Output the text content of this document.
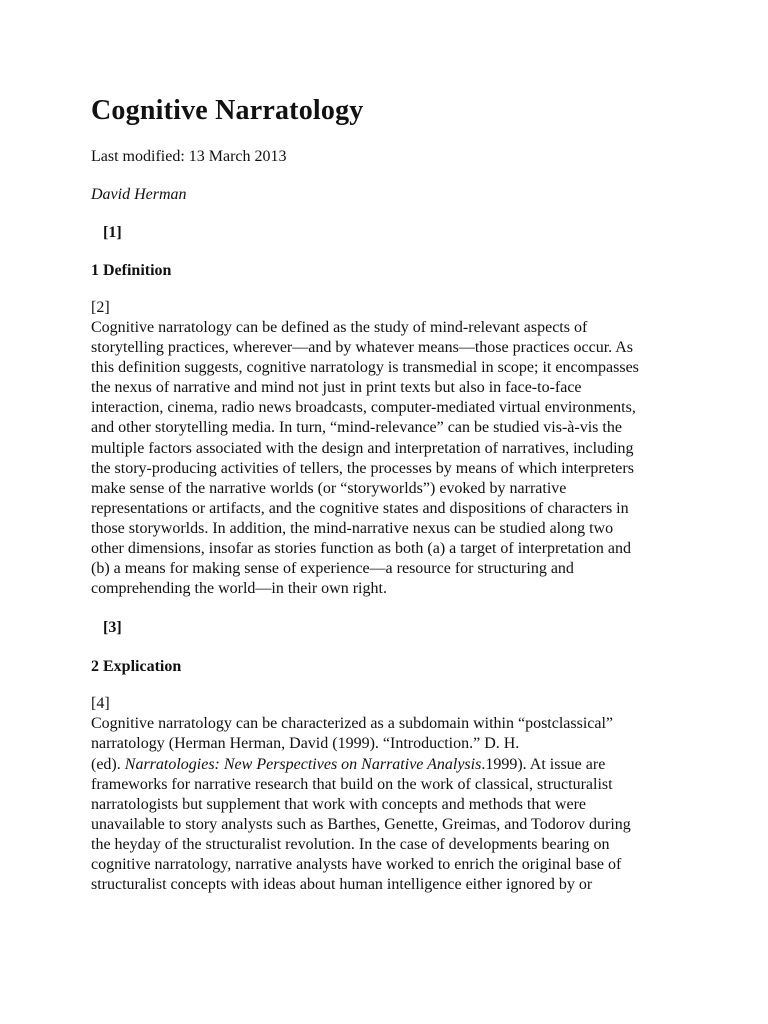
Cognitive Narratology
Last modified: 13 March 2013
David Herman
[1]
1 Definition
[2]
Cognitive narratology can be defined as the study of mind-relevant aspects of
storytelling practices, wherever—and by whatever means—those practices occur. As
this definition suggests, cognitive narratology is transmedial in scope; it encompasses
the nexus of narrative and mind not just in print texts but also in face-to-face
interaction, cinema, radio news broadcasts, computer-mediated virtual environments,
and other storytelling media. In turn, “mind-relevance” can be studied vis-à-vis the
multiple factors associated with the design and interpretation of narratives, including
the story-producing activities of tellers, the processes by means of which interpreters
make sense of the narrative worlds (or “storyworlds”) evoked by narrative
representations or artifacts, and the cognitive states and dispositions of characters in
those storyworlds. In addition, the mind-narrative nexus can be studied along two
other dimensions, insofar as stories function as both (a) a target of interpretation and
(b) a means for making sense of experience—a resource for structuring and
comprehending the world—in their own right.
[3]
2 Explication
[4]
Cognitive narratology can be characterized as a subdomain within “postclassical”
narratology (Herman Herman, David (1999). “Introduction.” D. H.
(ed). Narratologies: New Perspectives on Narrative Analysis.1999). At issue are
frameworks for narrative research that build on the work of classical, structuralist
narratologists but supplement that work with concepts and methods that were
unavailable to story analysts such as Barthes, Genette, Greimas, and Todorov during
the heyday of the structuralist revolution. In the case of developments bearing on
cognitive narratology, narrative analysts have worked to enrich the original base of
structuralist concepts with ideas about human intelligence either ignored by or
